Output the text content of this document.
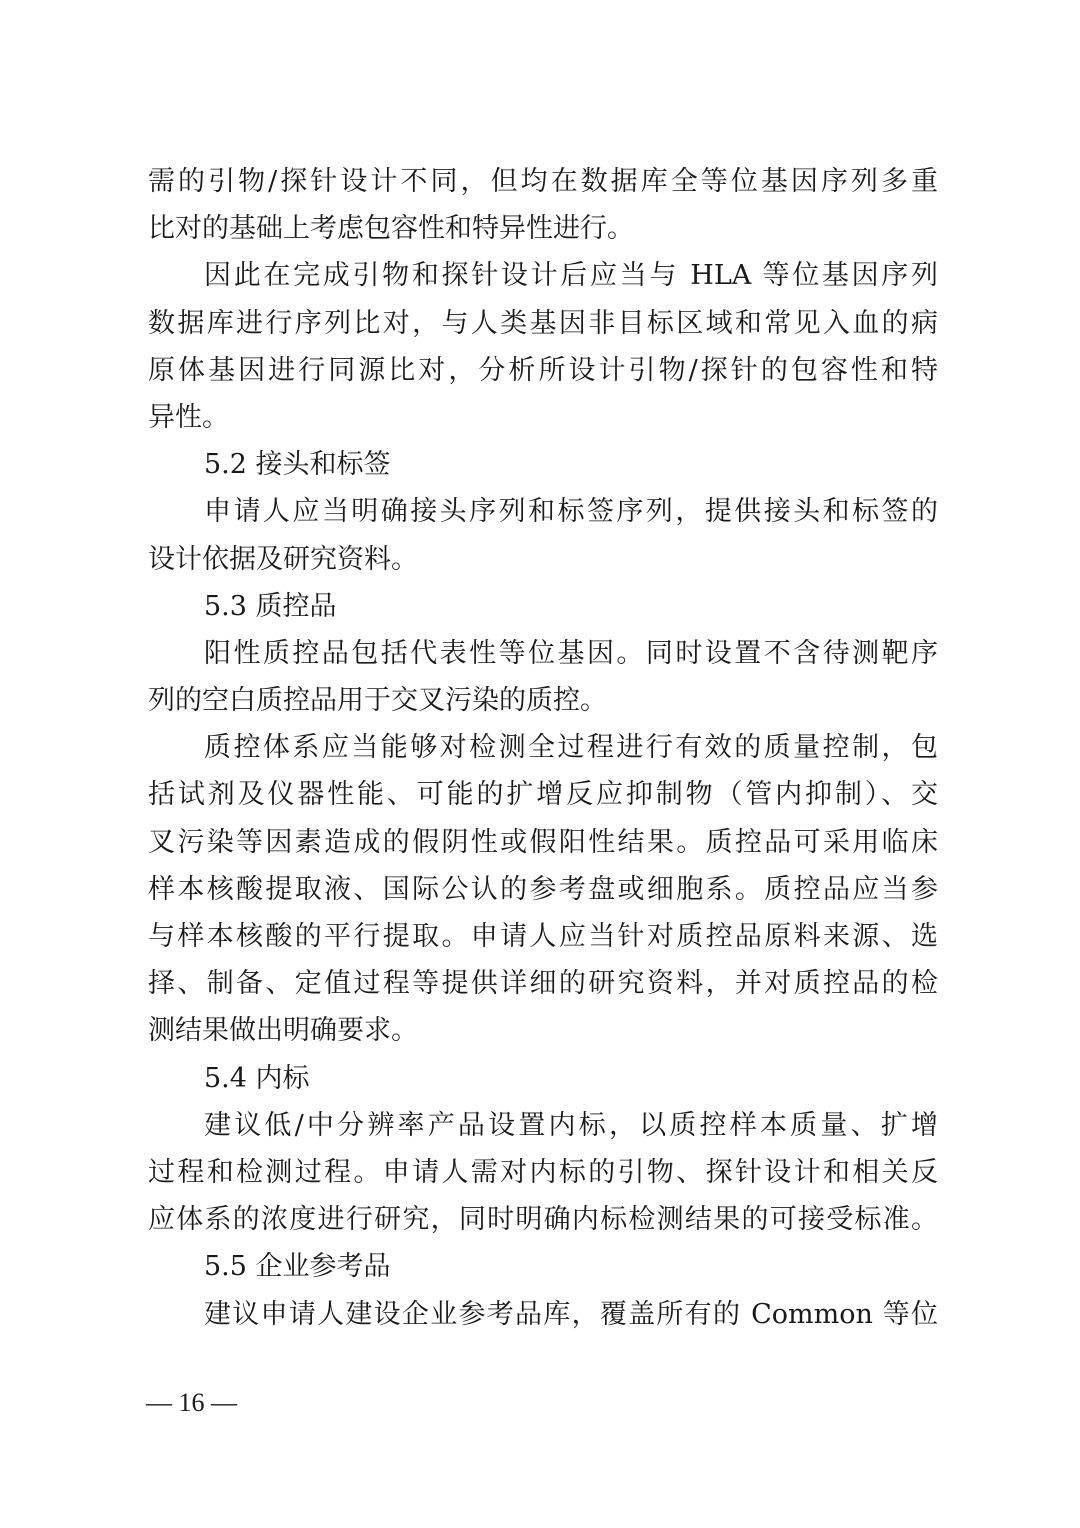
需的引物/探针设计不同，但均在数据库全等位基因序列多重
比对的基础上考虑包容性和特异性进行。
因此在完成引物和探针设计后应当与 HLA 等位基因序列
数据库进行序列比对，与人类基因非目标区域和常见入血的病
原体基因进行同源比对，分析所设计引物/探针的包容性和特
异性。
5.2 接头和标签
申请人应当明确接头序列和标签序列，提供接头和标签的
设计依据及研究资料。
5.3 质控品
阳性质控品包括代表性等位基因。同时设置不含待测靶序
列的空白质控品用于交叉污染的质控。
质控体系应当能够对检测全过程进行有效的质量控制，包
括试剂及仪器性能、可能的扩增反应抑制物（管内抑制）、交
叉污染等因素造成的假阴性或假阳性结果。质控品可采用临床
样本核酸提取液、国际公认的参考盘或细胞系。质控品应当参
与样本核酸的平行提取。申请人应当针对质控品原料来源、选
择、制备、定值过程等提供详细的研究资料，并对质控品的检
测结果做出明确要求。
5.4 内标
建议低/中分辨率产品设置内标，以质控样本质量、扩增
过程和检测过程。申请人需对内标的引物、探针设计和相关反
应体系的浓度进行研究，同时明确内标检测结果的可接受标准。
5.5 企业参考品
建议申请人建设企业参考品库，覆盖所有的 Common 等位
— 16 —
